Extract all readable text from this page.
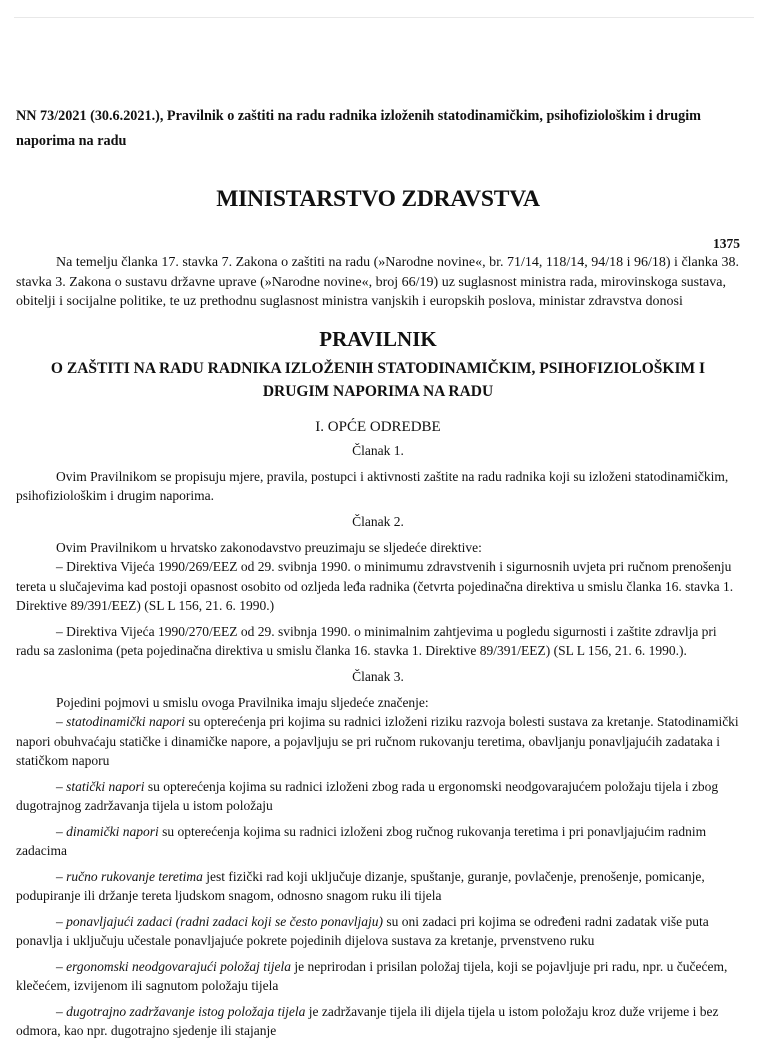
NN 73/2021 (30.6.2021.), Pravilnik o zaštiti na radu radnika izloženih statodinamičkim, psihofiziološkim i drugim naporima na radu

MINISTARSTVO ZDRAVSTVA

1375

Na temelju članka 17. stavka 7. Zakona o zaštiti na radu (»Narodne novine«, br. 71/14, 118/14, 94/18 i 96/18) i članka 38. stavka 3. Zakona o sustavu državne uprave (»Narodne novine«, broj 66/19) uz suglasnost ministra rada, mirovinskoga sustava, obitelji i socijalne politike, te uz prethodnu suglasnost ministra vanjskih i europskih poslova, ministar zdravstva donosi

PRAVILNIK
O ZAŠTITI NA RADU RADNIKA IZLOŽENIH STATODINAMIČKIM, PSIHOFIZIOLOŠKIM I DRUGIM NAPORIMA NA RADU

I. OPĆE ODREDBE

Članak 1.

Ovim Pravilnikom se propisuju mjere, pravila, postupci i aktivnosti zaštite na radu radnika koji su izloženi statodinamičkim, psihofiziološkim i drugim naporima.

Članak 2.

Ovim Pravilnikom u hrvatsko zakonodavstvo preuzimaju se sljedeće direktive:

– Direktiva Vijeća 1990/269/EEZ od 29. svibnja 1990. o minimumu zdravstvenih i sigurnosnih uvjeta pri ručnom prenošenju tereta u slučajevima kad postoji opasnost osobito od ozljeda leđa radnika (četvrta pojedinačna direktiva u smislu članka 16. stavka 1. Direktive 89/391/EEZ) (SL L 156, 21. 6. 1990.)

– Direktiva Vijeća 1990/270/EEZ od 29. svibnja 1990. o minimalnim zahtjevima u pogledu sigurnosti i zaštite zdravlja pri radu sa zaslonima (peta pojedinačna direktiva u smislu članka 16. stavka 1. Direktive 89/391/EEZ) (SL L 156, 21. 6. 1990.).

Članak 3.

Pojedini pojmovi u smislu ovoga Pravilnika imaju sljedeće značenje:

– statodinamički napori su opterećenja pri kojima su radnici izloženi riziku razvoja bolesti sustava za kretanje. Statodinamički napori obuhvaćaju statičke i dinamičke napore, a pojavljuju se pri ručnom rukovanju teretima, obavljanju ponavljajućih zadataka i statičkom naporu

– statički napori su opterećenja kojima su radnici izloženi zbog rada u ergonomski neodgovarajućem položaju tijela i zbog dugotrajnog zadržavanja tijela u istom položaju

– dinamički napori su opterećenja kojima su radnici izloženi zbog ručnog rukovanja teretima i pri ponavljajućim radnim zadacima

– ručno rukovanje teretima jest fizički rad koji uključuje dizanje, spuštanje, guranje, povlačenje, prenošenje, pomicanje, podupiranje ili držanje tereta ljudskom snagom, odnosno snagom ruku ili tijela

– ponavljajući zadaci (radni zadaci koji se često ponavljaju) su oni zadaci pri kojima se određeni radni zadatak više puta ponavlja i uključuju učestale ponavljajuće pokrete pojedinih dijelova sustava za kretanje, prvenstveno ruku

– ergonomski neodgovarajući položaj tijela je neprirodan i prisilan položaj tijela, koji se pojavljuje pri radu, npr. u čučećem, klečećem, izvijenom ili sagnutom položaju tijela

– dugotrajno zadržavanje istog položaja tijela je zadržavanje tijela ili dijela tijela u istom položaju kroz duže vrijeme i bez odmora, kao npr. dugotrajno sjedenje ili stajanje
